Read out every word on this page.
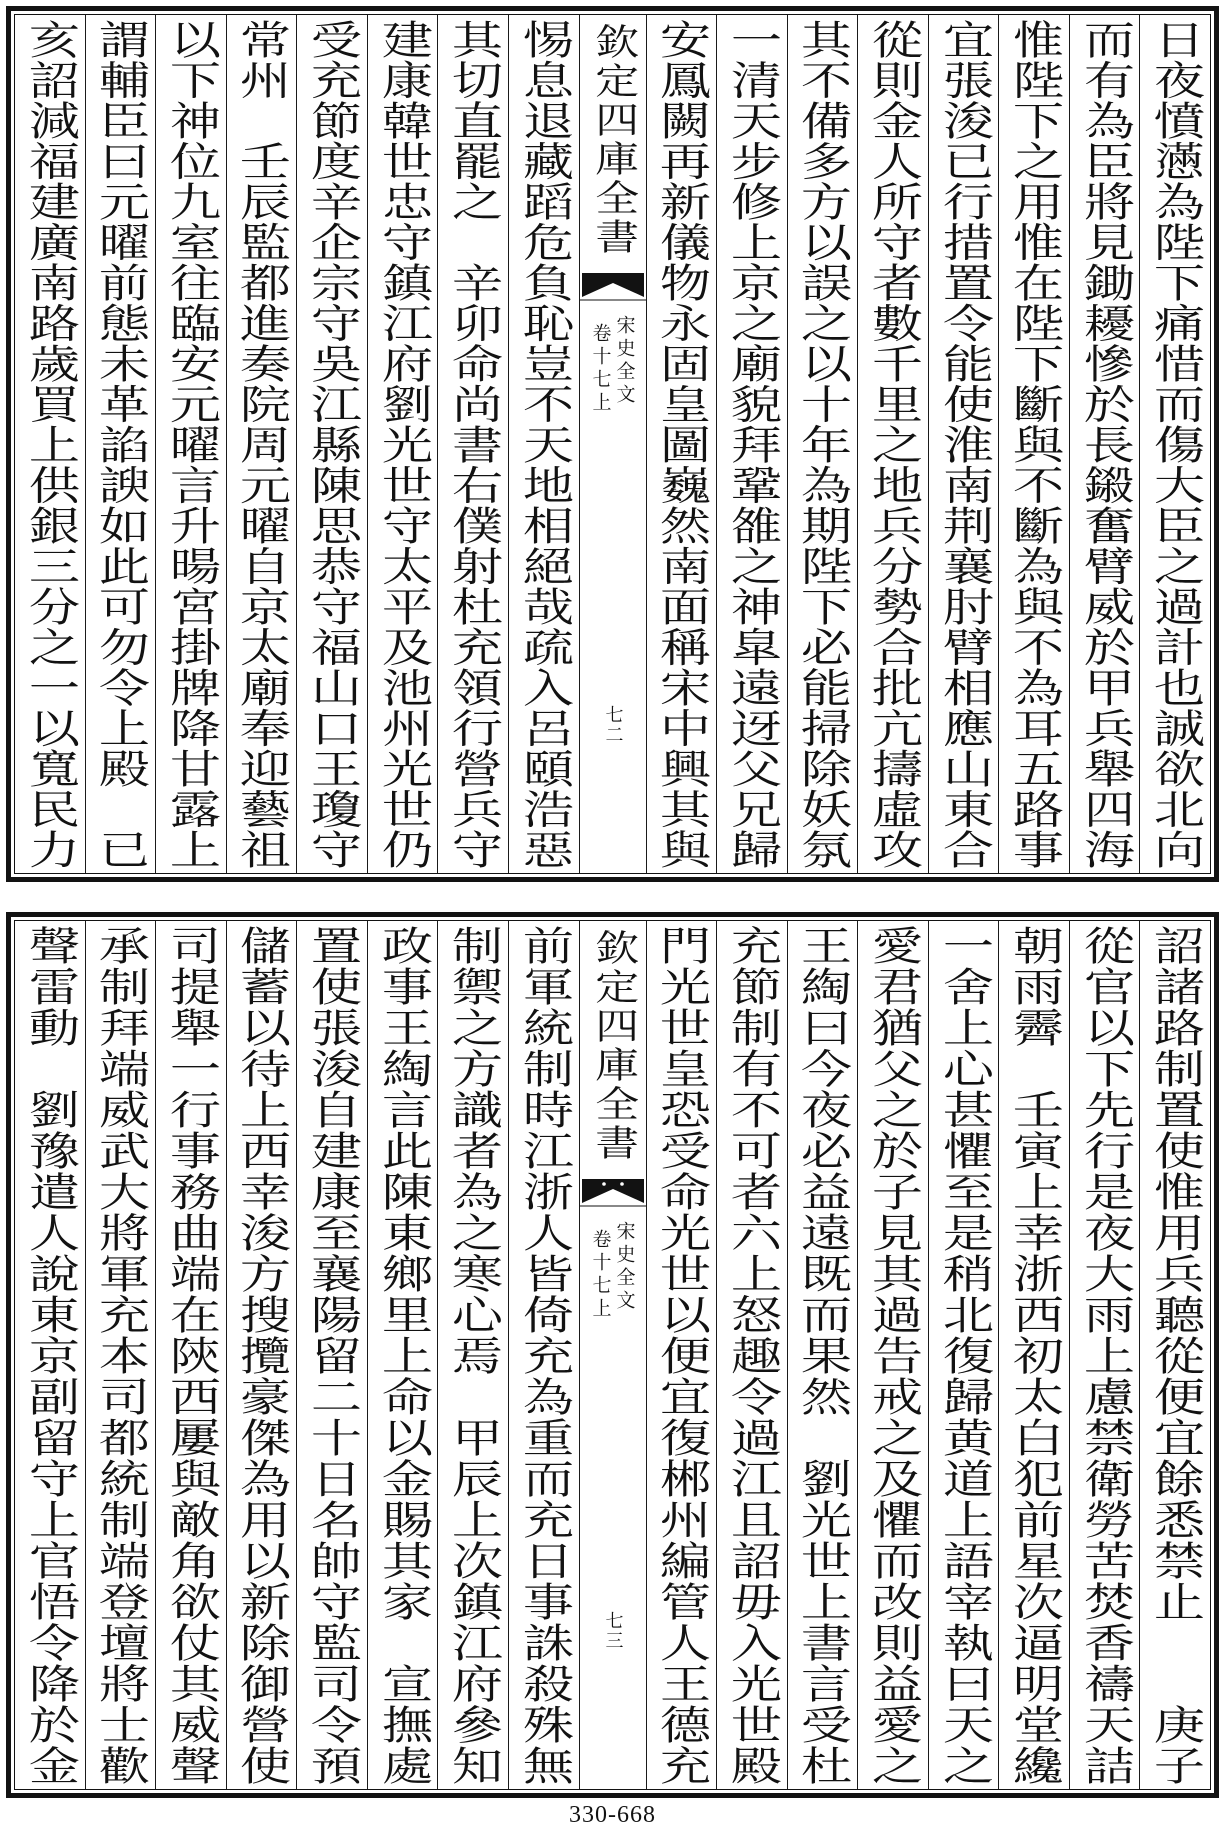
日夜憤懣為陛下痛惜而傷大臣之過計也誠欲北向
而有為臣將見鋤耰慘於長鎩奮臂威於甲兵舉四海
惟陛下之用惟在陛下斷與不斷為與不為耳五路事
宜張浚已行措置令能使淮南荆襄肘臂相應山東合
從則金人所守者數千里之地兵分勢合批亢擣虛攻
其不備多方以誤之以十年為期陛下必能掃除妖氛
一清天步修上京之廟貌拜鞏雒之神皐遠迓父兄歸
安鳳闕再新儀物永固皇圖巍然南面稱宋中興其與
欽定四庫全書
宋史全文
卷十七上
七二
惕息退藏蹈危負恥豈不天地相絕哉疏入呂頤浩惡
其切直罷之　辛卯命尚書右僕射杜充領行營兵守
建康韓世忠守鎮江府劉光世守太平及池州光世仍
受充節度辛企宗守吳江縣陳思恭守福山口王瓊守
常州　壬辰監都進奏院周元曜自京太廟奉迎藝祖
以下神位九室往臨安元曜言升暘宮掛牌降甘露上
謂輔臣曰元曜前態未革諂諛如此可勿令上殿　已
亥詔減福建廣南路歲買上供銀三分之一以寬民力
詔諸路制置使惟用兵聽從便宜餘悉禁止　　庚子
從官以下先行是夜大雨上慮禁衛勞苦焚香禱天詰
朝雨霽　壬寅上幸浙西初太白犯前星次逼明堂纔
一舍上心甚懼至是稍北復歸黄道上語宰執曰天之
愛君猶父之於子見其過告戒之及懼而改則益愛之
王綯曰今夜必益遠既而果然　劉光世上書言受杜
充節制有不可者六上怒趣令過江且詔毋入光世殿
門光世皇恐受命光世以便宜復郴州編管人王德充
欽定四庫全書
宋史全文
卷十七上
七三
前軍統制時江浙人皆倚充為重而充日事誅殺殊無
制禦之方識者為之寒心焉　甲辰上次鎮江府參知
政事王綯言此陳東鄉里上命以金賜其家　宣撫處
置使張浚自建康至襄陽留二十日名帥守監司令預
儲蓄以待上西幸浚方搜攬豪傑為用以新除御營使
司提舉一行事務曲端在陝西屢與敵角欲仗其威聲
承制拜端威武大將軍充本司都統制端登壇將士歡
聲雷動　劉豫遣人說東京副留守上官悟令降於金
330-668
